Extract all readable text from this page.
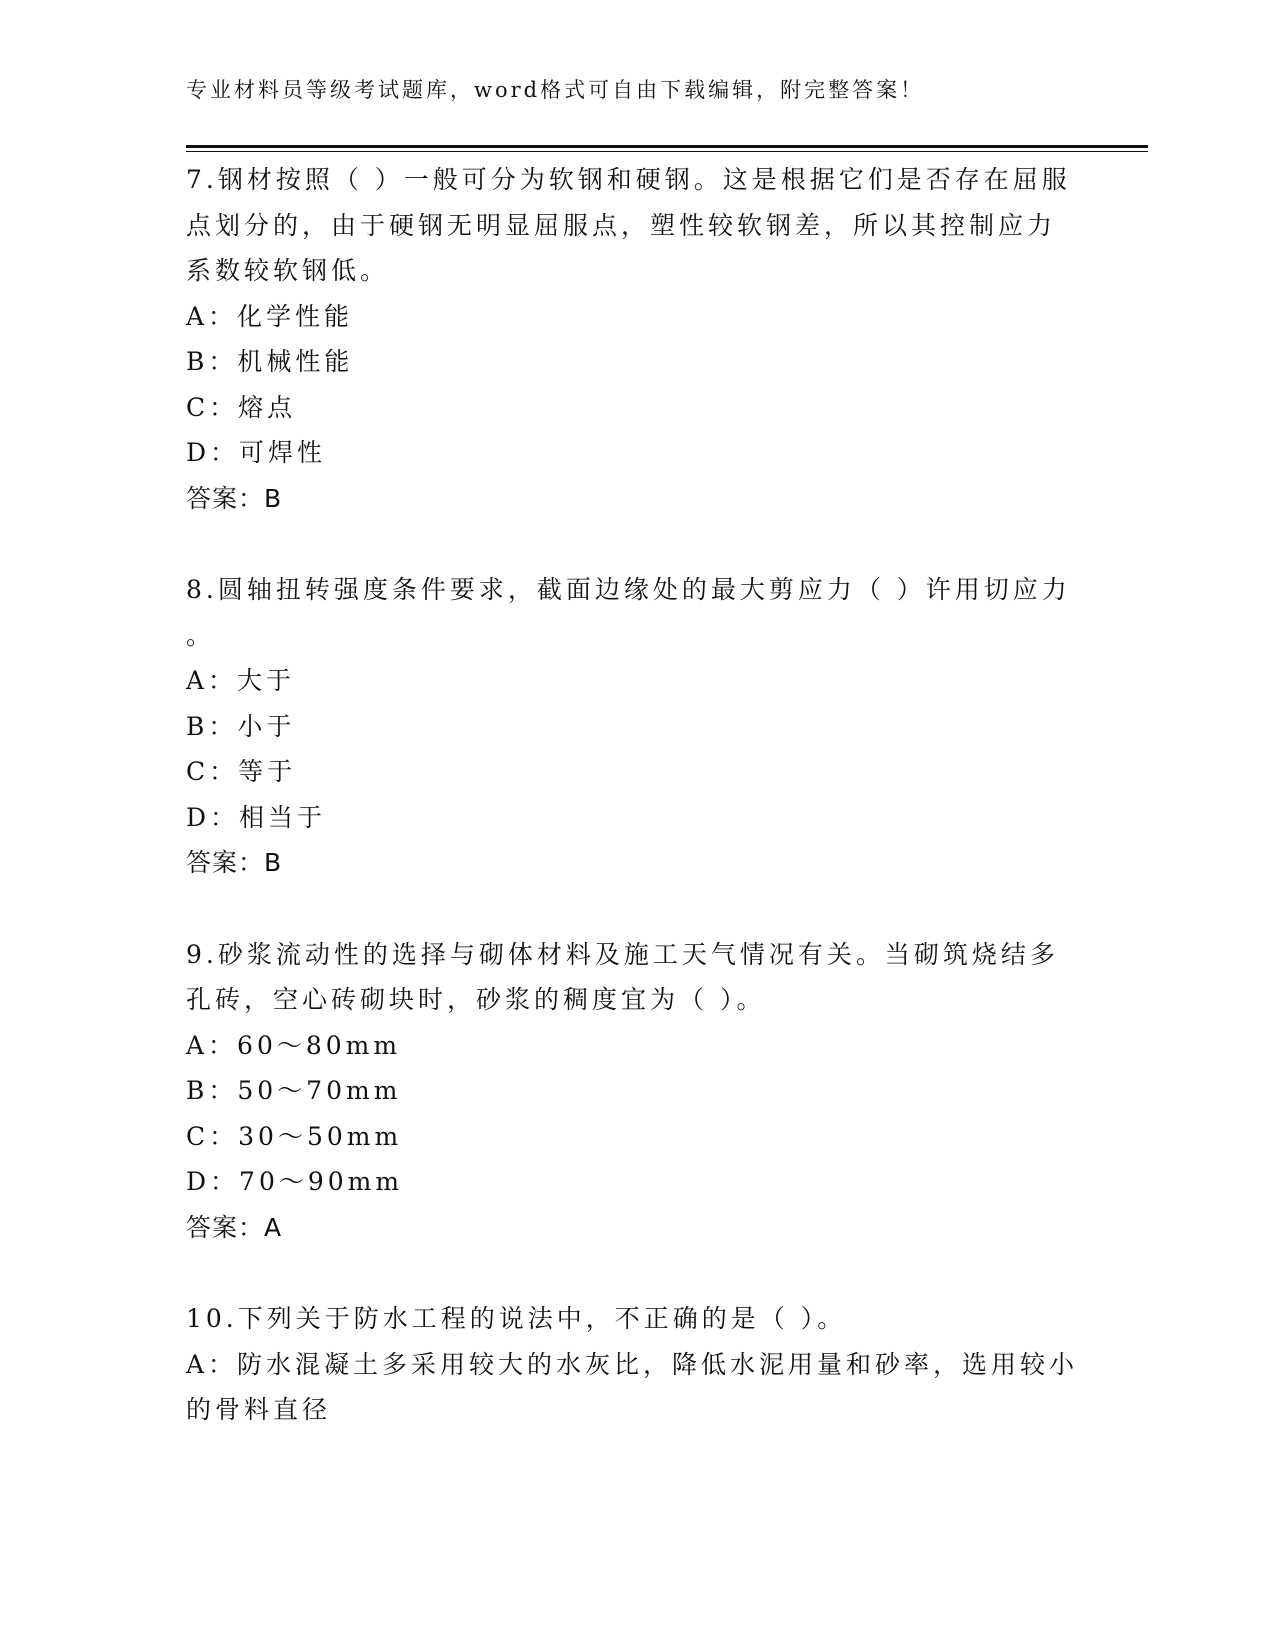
专业材料员等级考试题库，word格式可自由下载编辑，附完整答案！
7.钢材按照（ ）一般可分为软钢和硬钢。这是根据它们是否存在屈服
点划分的，由于硬钢无明显屈服点，塑性较软钢差，所以其控制应力
系数较软钢低。
A：化学性能
B：机械性能
C：熔点
D：可焊性
答案：B
8.圆轴扭转强度条件要求，截面边缘处的最大剪应力（ ）许用切应力
。
A：大于
B：小于
C：等于
D：相当于
答案：B
9.砂浆流动性的选择与砌体材料及施工天气情况有关。当砌筑烧结多
孔砖，空心砖砌块时，砂浆的稠度宜为（ ）。
A：60～80mm
B：50～70mm
C：30～50mm
D：70～90mm
答案：A
10.下列关于防水工程的说法中，不正确的是（ ）。
A：防水混凝土多采用较大的水灰比，降低水泥用量和砂率，选用较小
的骨料直径
